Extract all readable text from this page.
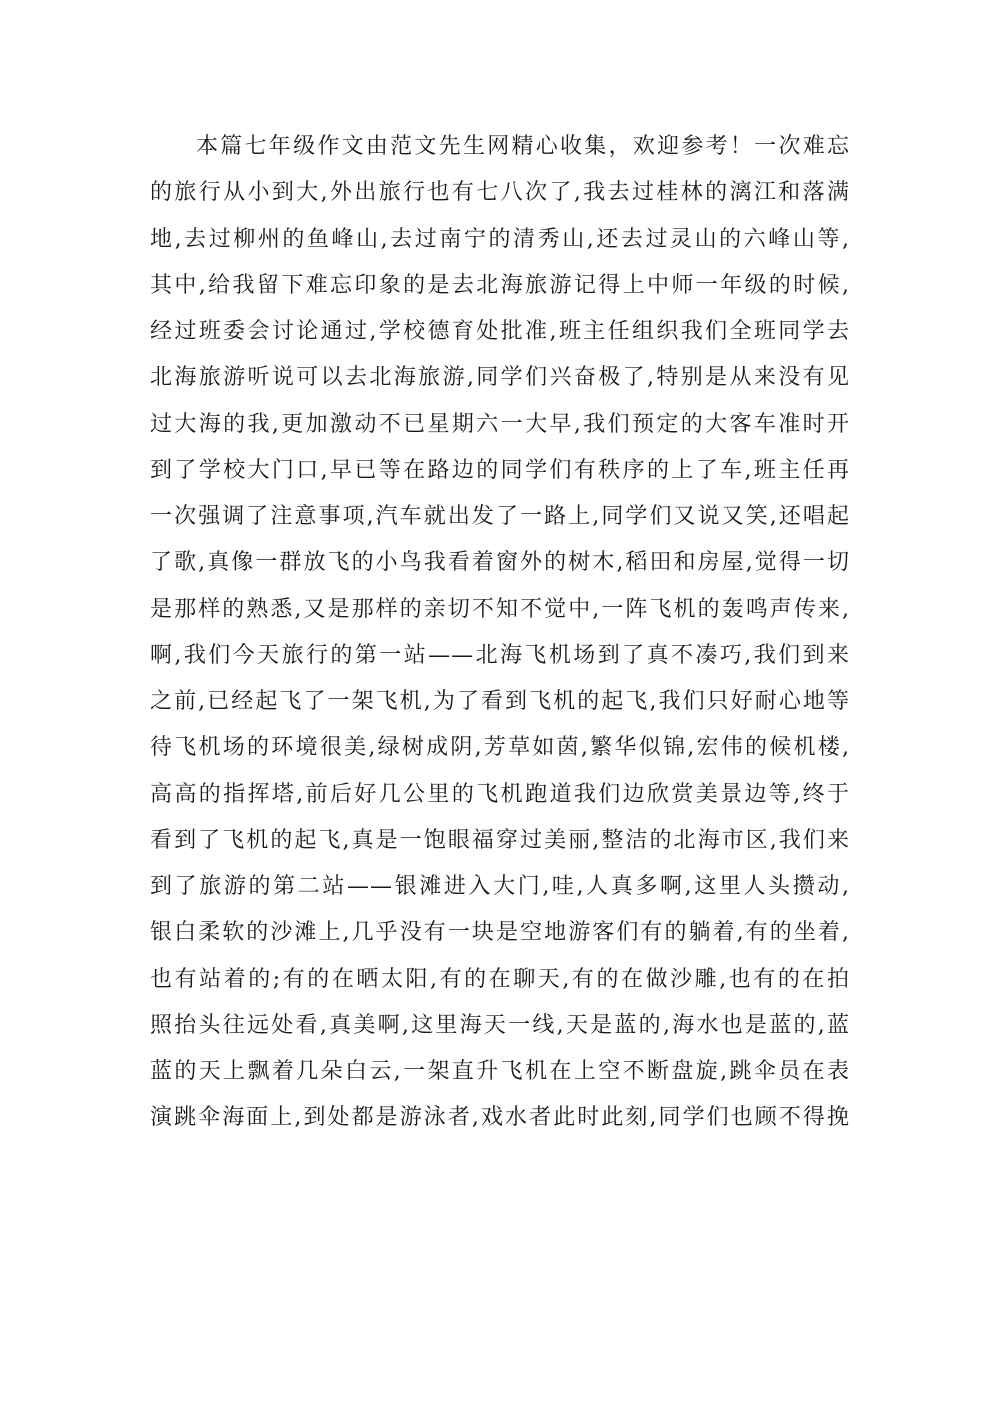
本篇七年级作文由范文先生网精心收集，欢迎参考！一次难忘
的旅行从小到大,外出旅行也有七八次了,我去过桂林的漓江和落满
地,去过柳州的鱼峰山,去过南宁的清秀山,还去过灵山的六峰山等,
其中,给我留下难忘印象的是去北海旅游记得上中师一年级的时候,
经过班委会讨论通过,学校德育处批准,班主任组织我们全班同学去
北海旅游听说可以去北海旅游,同学们兴奋极了,特别是从来没有见
过大海的我,更加激动不已星期六一大早,我们预定的大客车准时开
到了学校大门口,早已等在路边的同学们有秩序的上了车,班主任再
一次强调了注意事项,汽车就出发了一路上,同学们又说又笑,还唱起
了歌,真像一群放飞的小鸟我看着窗外的树木,稻田和房屋,觉得一切
是那样的熟悉,又是那样的亲切不知不觉中,一阵飞机的轰鸣声传来,
啊,我们今天旅行的第一站——北海飞机场到了真不凑巧,我们到来
之前,已经起飞了一架飞机,为了看到飞机的起飞,我们只好耐心地等
待飞机场的环境很美,绿树成阴,芳草如茵,繁华似锦,宏伟的候机楼,
高高的指挥塔,前后好几公里的飞机跑道我们边欣赏美景边等,终于
看到了飞机的起飞,真是一饱眼福穿过美丽,整洁的北海市区,我们来
到了旅游的第二站——银滩进入大门,哇,人真多啊,这里人头攒动,
银白柔软的沙滩上,几乎没有一块是空地游客们有的躺着,有的坐着,
也有站着的;有的在晒太阳,有的在聊天,有的在做沙雕,也有的在拍
照抬头往远处看,真美啊,这里海天一线,天是蓝的,海水也是蓝的,蓝
蓝的天上飘着几朵白云,一架直升飞机在上空不断盘旋,跳伞员在表
演跳伞海面上,到处都是游泳者,戏水者此时此刻,同学们也顾不得挽
